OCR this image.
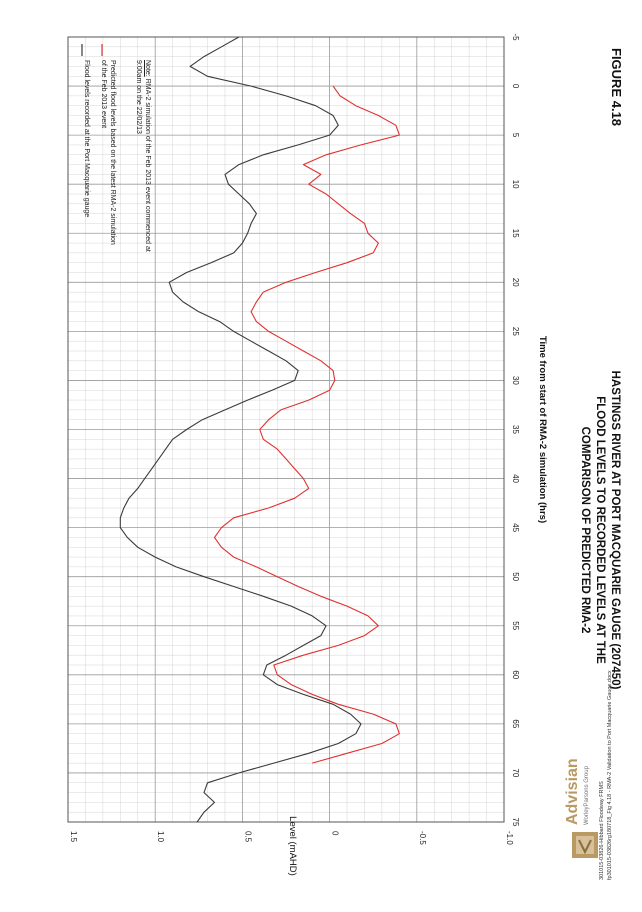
FIGURE 4.18
COMPARISON OF PREDICTED RMA-2 FLOOD LEVELS TO RECORDED LEVELS AT THE HASTINGS RIVER AT PORT MACQUARIE GAUGE (207450)
-5
0
5
10
15
20
25
30
35
40
45
50
55
60
65
70
75
1.5	1.0	0.5	0	-0.5	-1.0
Time from start of RMA-2 simulation (hrs)
Level (mAHD)
Flood levels recorded at the Port Macquarie gauge	Predicted flood levels based on the latest RMA-2 simulation of the Feb 2013 event	Note: RMA-2 simulation of the Feb 2013 event commenced at 9:00am on the 22/02/13
Advisian WorleyParsons Group 301015-03826-Hibbard Floodway FRMS fp301015-03826rg180718_Fig 4.18 - RMA-2 Validation to Port Macquarie Gauge.docx
